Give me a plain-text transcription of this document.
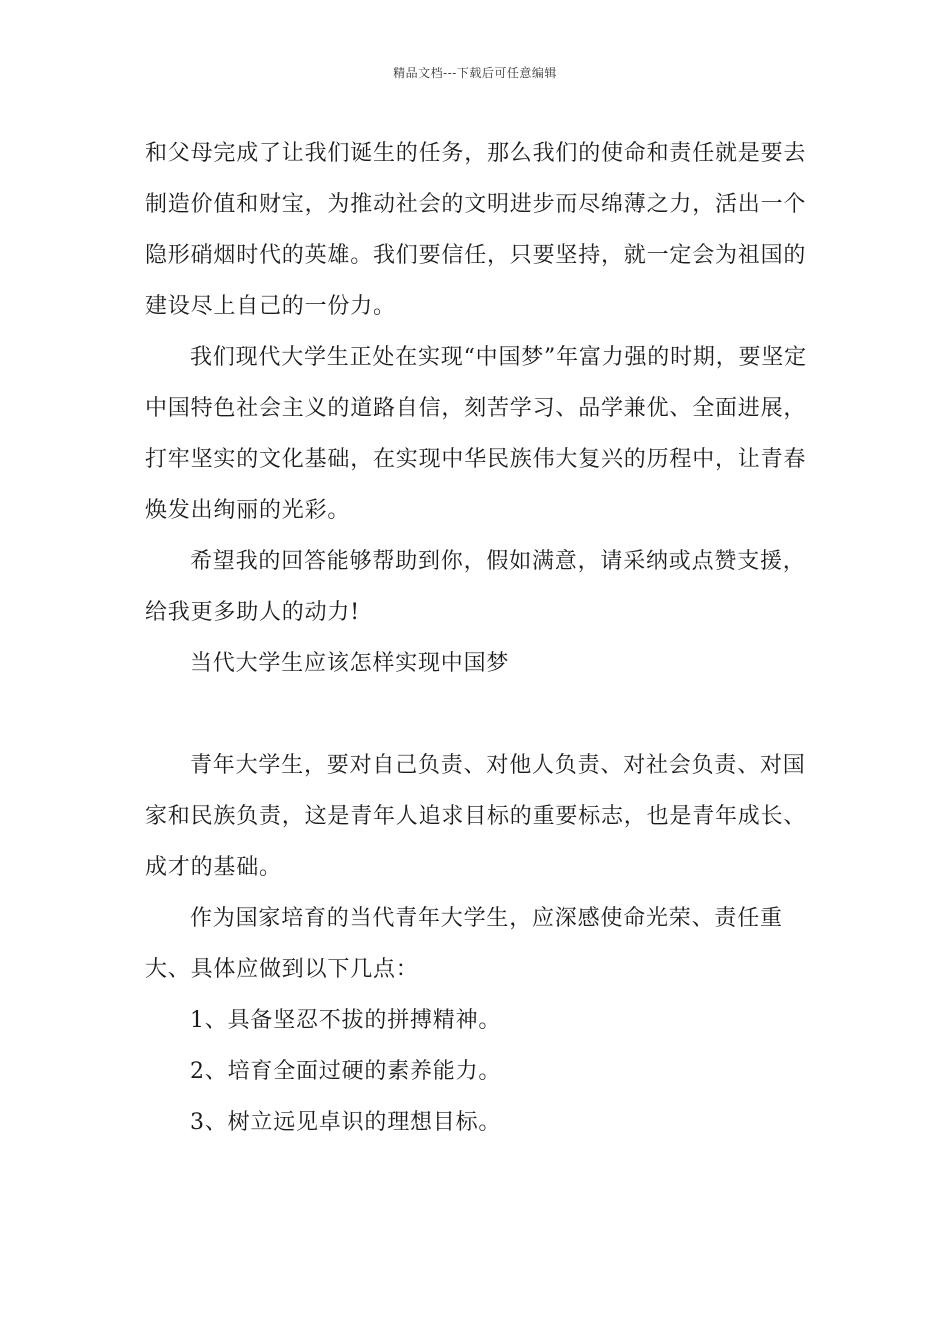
精品文档---下载后可任意编辑

和父母完成了让我们诞生的任务，那么我们的使命和责任就是要去制造价值和财宝，为推动社会的文明进步而尽绵薄之力，活出一个隐形硝烟时代的英雄。我们要信任，只要坚持，就一定会为祖国的建设尽上自己的一份力。

我们现代大学生正处在实现“中国梦”年富力强的时期，要坚定中国特色社会主义的道路自信，刻苦学习、品学兼优、全面进展，打牢坚实的文化基础，在实现中华民族伟大复兴的历程中，让青春焕发出绚丽的光彩。

希望我的回答能够帮助到你，假如满意，请采纳或点赞支援，给我更多助人的动力!

当代大学生应该怎样实现中国梦

青年大学生，要对自己负责、对他人负责、对社会负责、对国家和民族负责，这是青年人追求目标的重要标志，也是青年成长、成才的基础。

作为国家培育的当代青年大学生，应深感使命光荣、责任重大、具体应做到以下几点：

1、具备坚忍不拔的拼搏精神。

2、培育全面过硬的素养能力。

3、树立远见卓识的理想目标。
